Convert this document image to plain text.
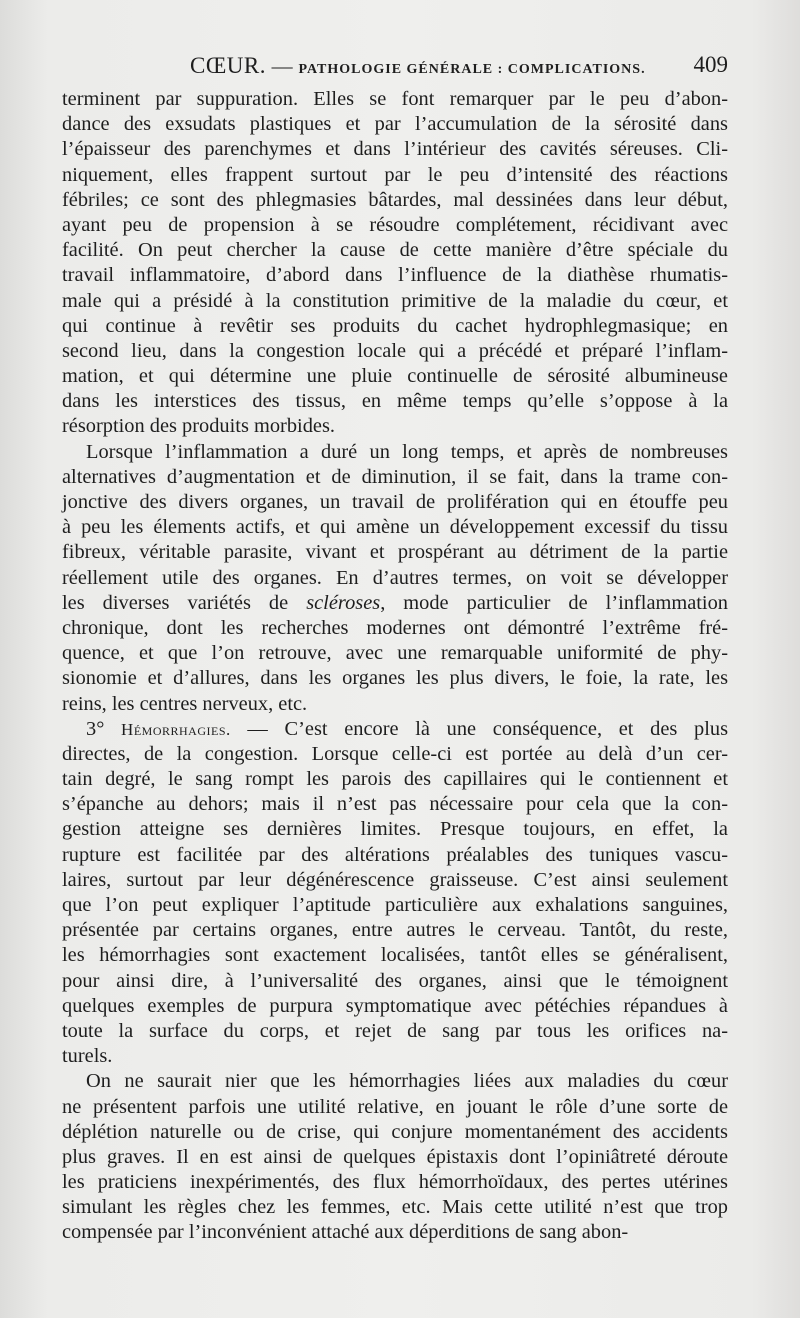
CŒUR. — PATHOLOGIE GÉNÉRALE : COMPLICATIONS. 409
terminent par suppuration. Elles se font remarquer par le peu d’abon-
dance des exsudats plastiques et par l’accumulation de la sérosité dans
l’épaisseur des parenchymes et dans l’intérieur des cavités séreuses. Cli-
niquement, elles frappent surtout par le peu d’intensité des réactions
fébriles; ce sont des phlegmasies bâtardes, mal dessinées dans leur début,
ayant peu de propension à se résoudre complétement, récidivant avec
facilité. On peut chercher la cause de cette manière d’être spéciale du
travail inflammatoire, d’abord dans l’influence de la diathèse rhumatis-
male qui a présidé à la constitution primitive de la maladie du cœur, et
qui continue à revêtir ses produits du cachet hydrophlegmasique; en
second lieu, dans la congestion locale qui a précédé et préparé l’inflam-
mation, et qui détermine une pluie continuelle de sérosité albumineuse
dans les interstices des tissus, en même temps qu’elle s’oppose à la
résorption des produits morbides.
Lorsque l’inflammation a duré un long temps, et après de nombreuses
alternatives d’augmentation et de diminution, il se fait, dans la trame con-
jonctive des divers organes, un travail de prolifération qui en étouffe peu
à peu les élements actifs, et qui amène un développement excessif du tissu
fibreux, véritable parasite, vivant et prospérant au détriment de la partie
réellement utile des organes. En d’autres termes, on voit se développer
les diverses variétés de scléroses, mode particulier de l’inflammation
chronique, dont les recherches modernes ont démontré l’extrême fré-
quence, et que l’on retrouve, avec une remarquable uniformité de phy-
sionomie et d’allures, dans les organes les plus divers, le foie, la rate, les
reins, les centres nerveux, etc.
3° Hémorrhagies. — C’est encore là une conséquence, et des plus
directes, de la congestion. Lorsque celle-ci est portée au delà d’un cer-
tain degré, le sang rompt les parois des capillaires qui le contiennent et
s’épanche au dehors; mais il n’est pas nécessaire pour cela que la con-
gestion atteigne ses dernières limites. Presque toujours, en effet, la
rupture est facilitée par des altérations préalables des tuniques vascu-
laires, surtout par leur dégénérescence graisseuse. C’est ainsi seulement
que l’on peut expliquer l’aptitude particulière aux exhalations sanguines,
présentée par certains organes, entre autres le cerveau. Tantôt, du reste,
les hémorrhagies sont exactement localisées, tantôt elles se généralisent,
pour ainsi dire, à l’universalité des organes, ainsi que le témoignent
quelques exemples de purpura symptomatique avec pétéchies répandues à
toute la surface du corps, et rejet de sang par tous les orifices na-
turels.
On ne saurait nier que les hémorrhagies liées aux maladies du cœur
ne présentent parfois une utilité relative, en jouant le rôle d’une sorte de
déplétion naturelle ou de crise, qui conjure momentanément des accidents
plus graves. Il en est ainsi de quelques épistaxis dont l’opiniâtreté déroute
les praticiens inexpérimentés, des flux hémorrhoïdaux, des pertes utérines
simulant les règles chez les femmes, etc. Mais cette utilité n’est que trop
compensée par l’inconvénient attaché aux déperditions de sang abon-
